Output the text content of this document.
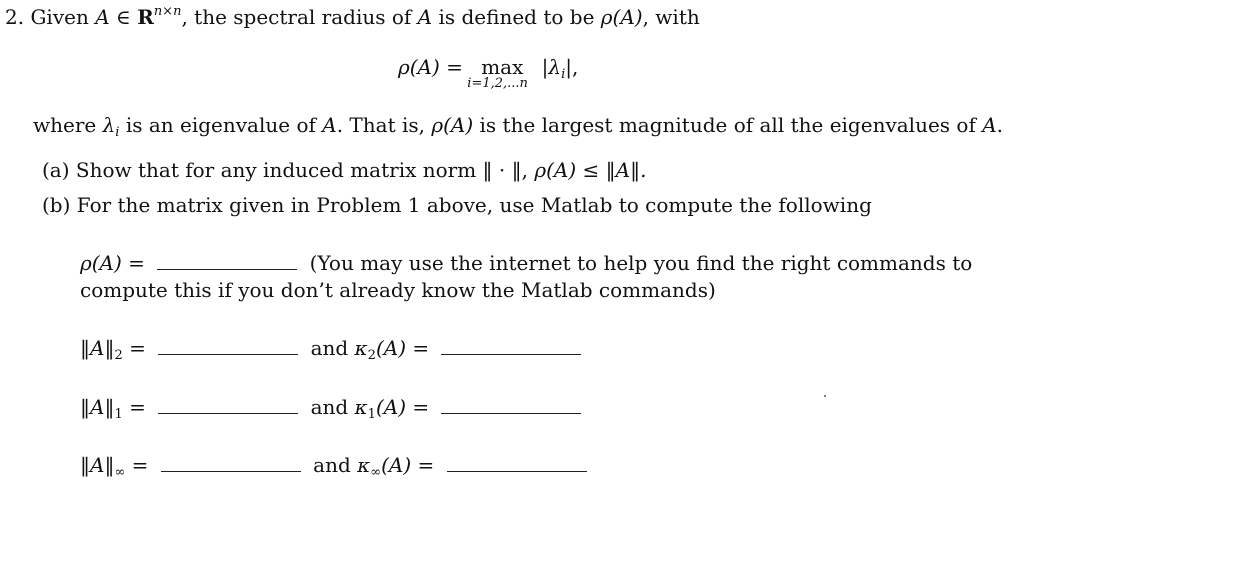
2. Given A ∈ $R^{n\times n}$, the spectral radius of A is defined to be ρ(A), with
ρ(A) = max
i=1,2,...n
$|\lambda_i|$,
where $\lambda_i$ is an eigenvalue of A. That is, ρ(A) is the largest magnitude of all the eigenvalues of A.
(a) Show that for any induced matrix norm ‖ · ‖, ρ(A) ≤ ‖A‖.
(b) For the matrix given in Problem 1 above, use Matlab to compute the following
ρ(A) =	(You may use the internet to help you find the right commands to
compute this if you don’t already know the Matlab commands)
$‖A‖_2$ =	and $\kappa_2(A)$ =
$‖A‖_1$ =	and $\kappa_1(A)$ =
$‖A‖_\infty$ =	and $\kappa_\infty(A)$ =
